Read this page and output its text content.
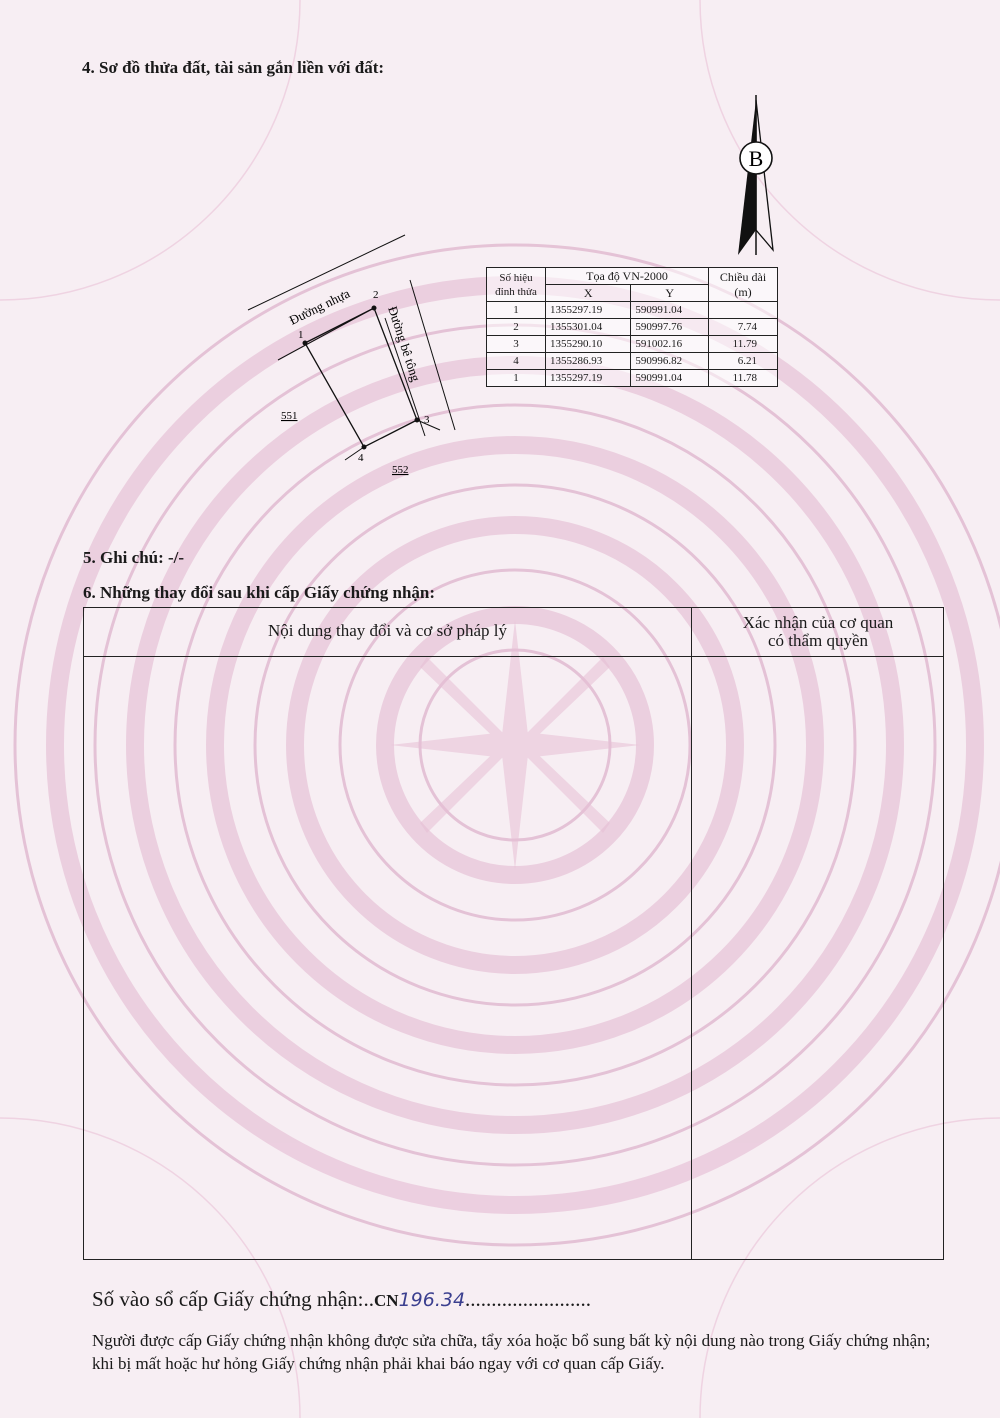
4. Sơ đồ thửa đất, tài sản gắn liền với đất:
B
1
2
3
4
Đường nhựa	Đường bê tông
551
552
Số hiệu đỉnh thửa	Tọa độ VN-2000		Chiều dài (m)
	X	Y	
1	1355297.19	590991.04	
2	1355301.04	590997.76	7.74
3	1355290.10	591002.16	11.79
4	1355286.93	590996.82	6.21
1	1355297.19	590991.04	11.78
5. Ghi chú: -/-
6. Những thay đổi sau khi cấp Giấy chứng nhận:
Nội dung thay đổi và cơ sở pháp lý	Xác nhận của cơ quan
có thẩm quyền
Số vào sổ cấp Giấy chứng nhận:..CN196.34........................
Người được cấp Giấy chứng nhận không được sửa chữa, tẩy xóa hoặc bổ sung bất kỳ nội dung nào trong Giấy chứng nhận; khi bị mất hoặc hư hỏng Giấy chứng nhận phải khai báo ngay với cơ quan cấp Giấy.
